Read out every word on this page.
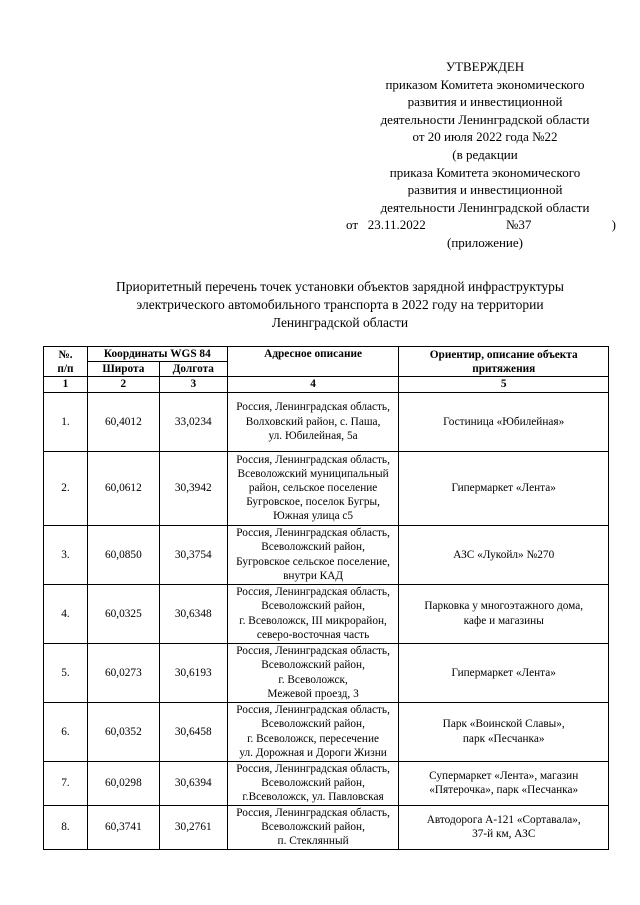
УТВЕРЖДЕН
приказом Комитета экономического
развития и инвестиционной
деятельности Ленинградской области
от 20 июля 2022 года №22
(в редакции
приказа Комитета экономического
развития и инвестиционной
деятельности Ленинградской области
от   23.11.2022	№37	)
(приложение)
Приоритетный перечень точек установки объектов зарядной инфраструктуры
электрического автомобильного транспорта в 2022 году на территории
Ленинградской области
№.
п/п	Координаты WGS 84		Адресное описание	Ориентир, описание объекта притяжения
	Широта	Долгота		
1	2	3	4	5
1.	60,4012	33,0234	Россия, Ленинградская область,
Волховский район, с. Паша,
ул. Юбилейная, 5а	Гостиница «Юбилейная»
2.	60,0612	30,3942	Россия, Ленинградская область,
Всеволожский муниципальный
район, сельское поселение
Бугровское, поселок Бугры,
Южная улица с5	Гипермаркет «Лента»
3.	60,0850	30,3754	Россия, Ленинградская область,
Всеволожский район,
Бугровское сельское поселение,
внутри КАД	АЗС «Лукойл» №270
4.	60,0325	30,6348	Россия, Ленинградская область,
Всеволожский район,
г. Всеволожск, III микрорайон,
северо-восточная часть	Парковка у многоэтажного дома,
кафе и магазины
5.	60,0273	30,6193	Россия, Ленинградская область,
Всеволожский район,
г. Всеволожск,
Межевой проезд, 3	Гипермаркет «Лента»
6.	60,0352	30,6458	Россия, Ленинградская область,
Всеволожский район,
г. Всеволожск, пересечение
ул. Дорожная и Дороги Жизни	Парк «Воинской Славы»,
парк «Песчанка»
7.	60,0298	30,6394	Россия, Ленинградская область,
Всеволожский район,
г.Всеволожск, ул. Павловская	Супермаркет «Лента», магазин
«Пятерочка», парк «Песчанка»
8.	60,3741	30,2761	Россия, Ленинградская область,
Всеволожский район,
п. Стеклянный	Автодорога А-121 «Сортавала»,
37-й км, АЗС
